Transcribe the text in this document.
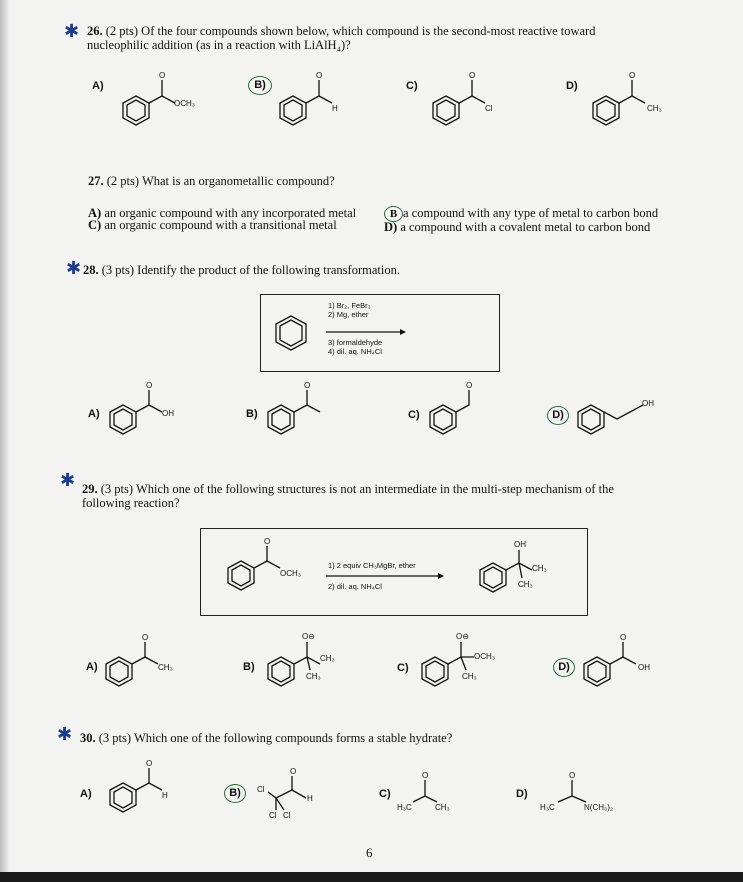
✱ 26. (2 pts) Of the four compounds shown below, which compound is the second-most reactive toward
nucleophilic addition (as in a reaction with LiAlH₄)?
A)	B)	C)	D)
O
OCH₃
O
H
O
Cl
O
CH₃
27. (2 pts) What is an organometallic compound?
A) an organic compound with any incorporated metal
C) an organic compound with a transitional metal
B a compound with any type of metal to carbon bond
D) a compound with a covalent metal to carbon bond
✱ 28. (3 pts) Identify the product of the following transformation.
1) Br₂, FeBr₃
2) Mg, ether
3) formaldehyde
4) dil. aq. NH₄Cl
A)	B)	C)	D)
O
OH
O	O
OH
✱ 29. (3 pts) Which one of the following structures is not an intermediate in the multi-step mechanism of the
following reaction?
O
OCH₃
1) 2 equiv CH₃MgBr, ether
2) dil. aq. NH₄Cl
OH
CH₃
CH₃
A)	B)	C)	D)
O
CH₃
O⊖
CH₃
CH₃
O⊖
OCH₃
CH₃
O
OH
✱ 30. (3 pts) Which one of the following compounds forms a stable hydrate?
A)	B)	C)	D)
O
H
O
Cl
Cl Cl
H
O
H₃C	CH₃
O
H₃C	N(CH₃)₂
6
